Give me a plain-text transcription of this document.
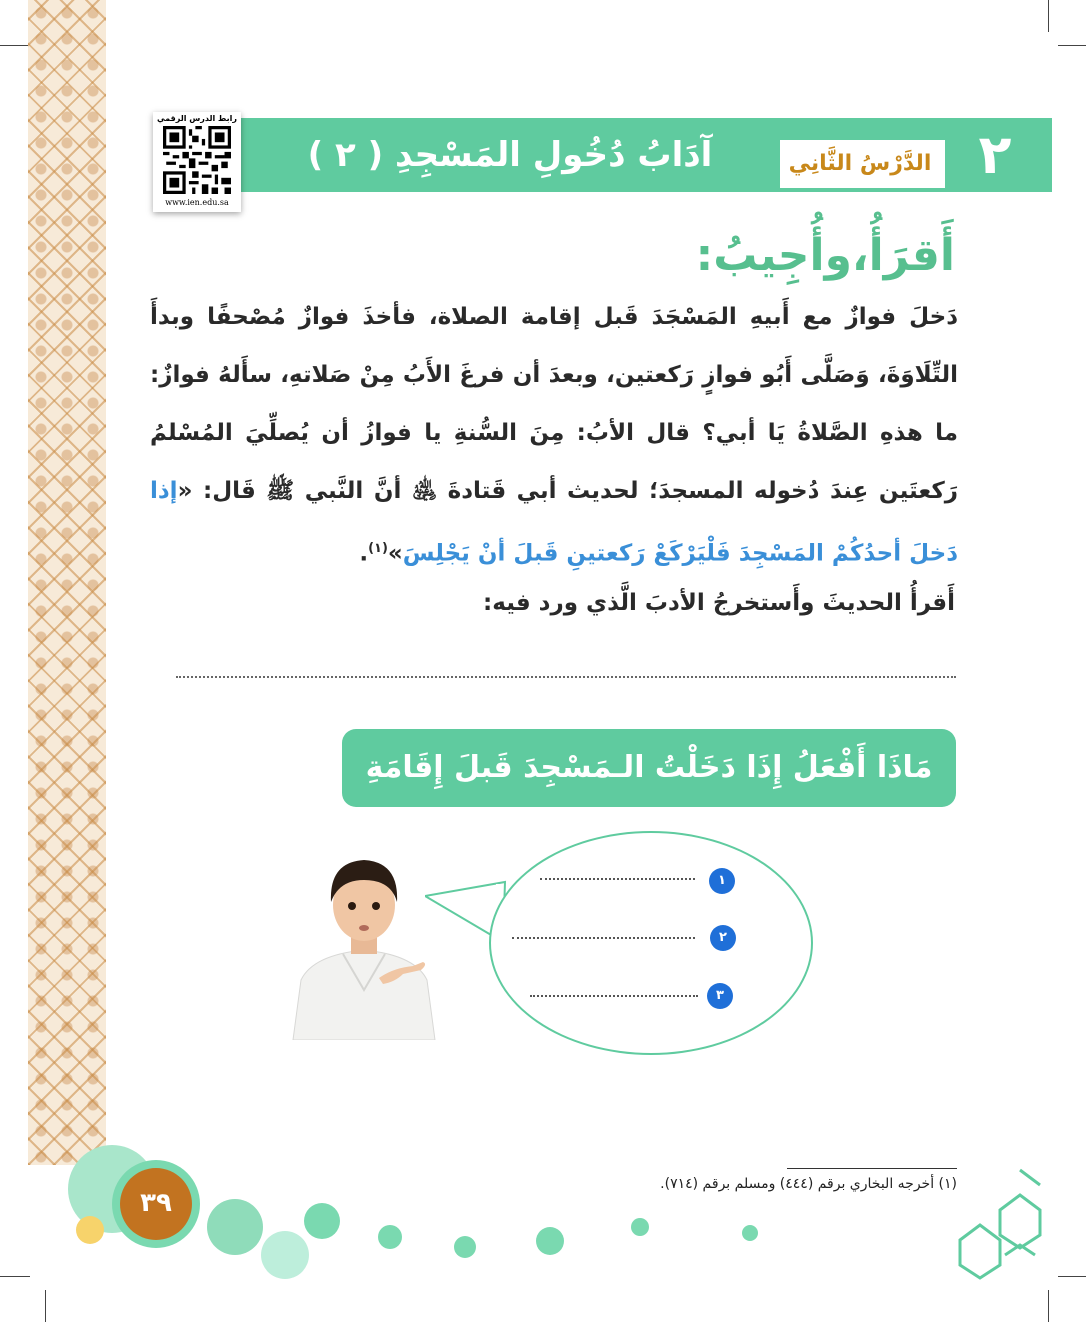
الدَّرْسُ الثَّانِي ٢
آدَابُ دُخُولِ المَسْجِدِ ( ٢ )
رابط الدرس الرقمي
www.ien.edu.sa
أَقرَأُ،وأُجِيبُ:
دَخلَ فوازٌ مع أَبيهِ المَسْجَدَ قَبل إقامة الصلاة، فأخذَ فوازٌ مُصْحفًا وبدأَ التِّلَاوَةَ، وَصَلَّى أَبُو فوازٍ رَكعتين، وبعدَ أن فرغَ الأَبُ مِنْ صَلاتهِ، سأَلهُ فوازٌ: ما هذهِ الصَّلاةُ يَا أبي؟ قال الأبُ: مِنَ السُّنةِ يا فوازُ أن يُصلِّيَ المُسْلمُ رَكعتَين عِندَ دُخوله المسجدَ؛ لحديث أبي قَتادةَ ﵁ أنَّ النَّبي ﷺ قَال: «إذا دَخلَ أحدُكُمْ المَسْجِدَ فَلْيَرْكَعْ رَكعتينِ قَبلَ أنْ يَجْلِسَ»$^{(١)}$.
أَقرأُ الحديثَ وأَستخرجُ الأدبَ الَّذي ورد فيه:
مَاذَا أَفْعَلُ إِذَا دَخَلْتُ الـمَسْجِدَ قَبلَ إِقَامَةِ
١
٢
٣
٣٩
(١) أخرجه البخاري برقم (٤٤٤) ومسلم برقم (٧١٤).
